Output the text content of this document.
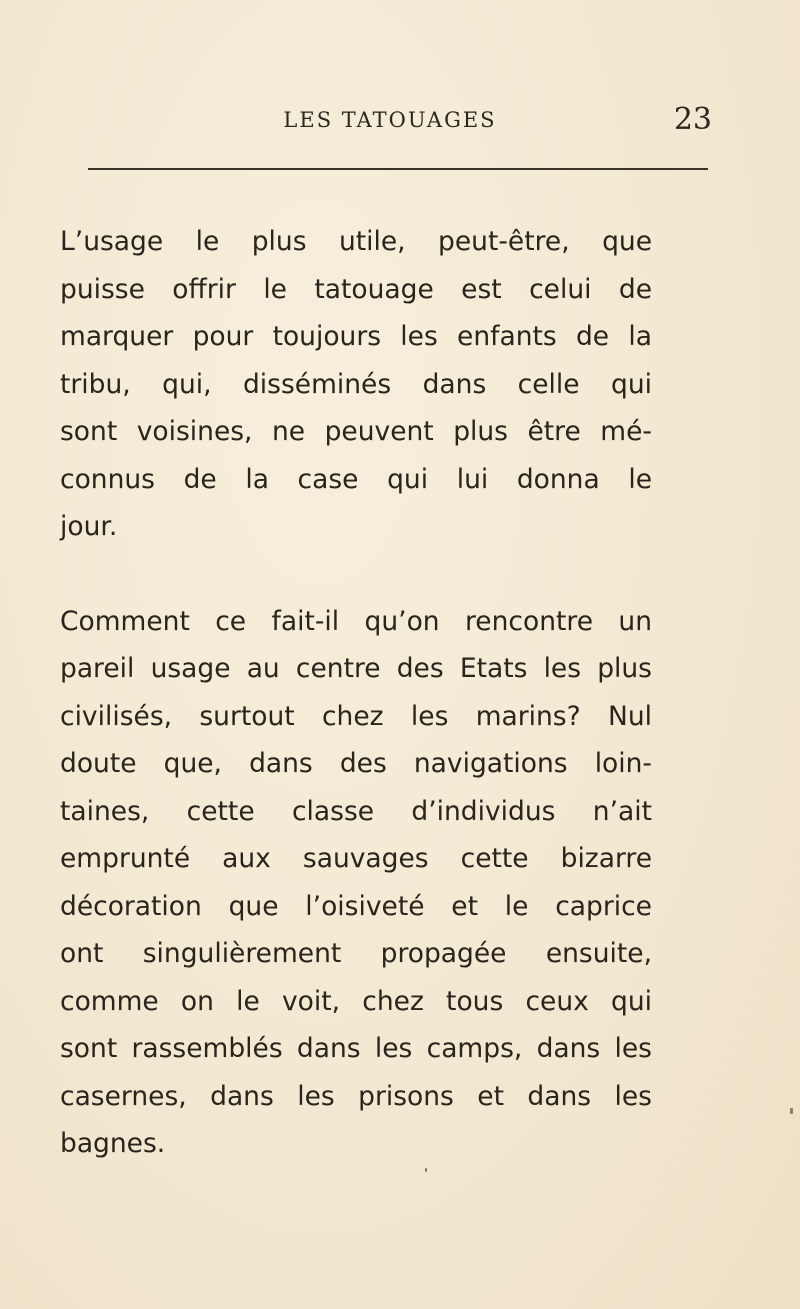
LES TATOUAGES	23

L’usage le plus utile, peut-être, que
puisse offrir le tatouage est celui de
marquer pour toujours les enfants de la
tribu, qui, disséminés dans celle qui
sont voisines, ne peuvent plus être mé-
connus de la case qui lui donna le
jour.

Comment ce fait-il qu’on rencontre un
pareil usage au centre des Etats les plus
civilisés, surtout chez les marins? Nul
doute que, dans des navigations loin-
taines, cette classe d’individus n’ait
emprunté aux sauvages cette bizarre
décoration que l’oisiveté et le caprice
ont singulièrement propagée ensuite,
comme on le voit, chez tous ceux qui
sont rassemblés dans les camps, dans les
casernes, dans les prisons et dans les
bagnes.
